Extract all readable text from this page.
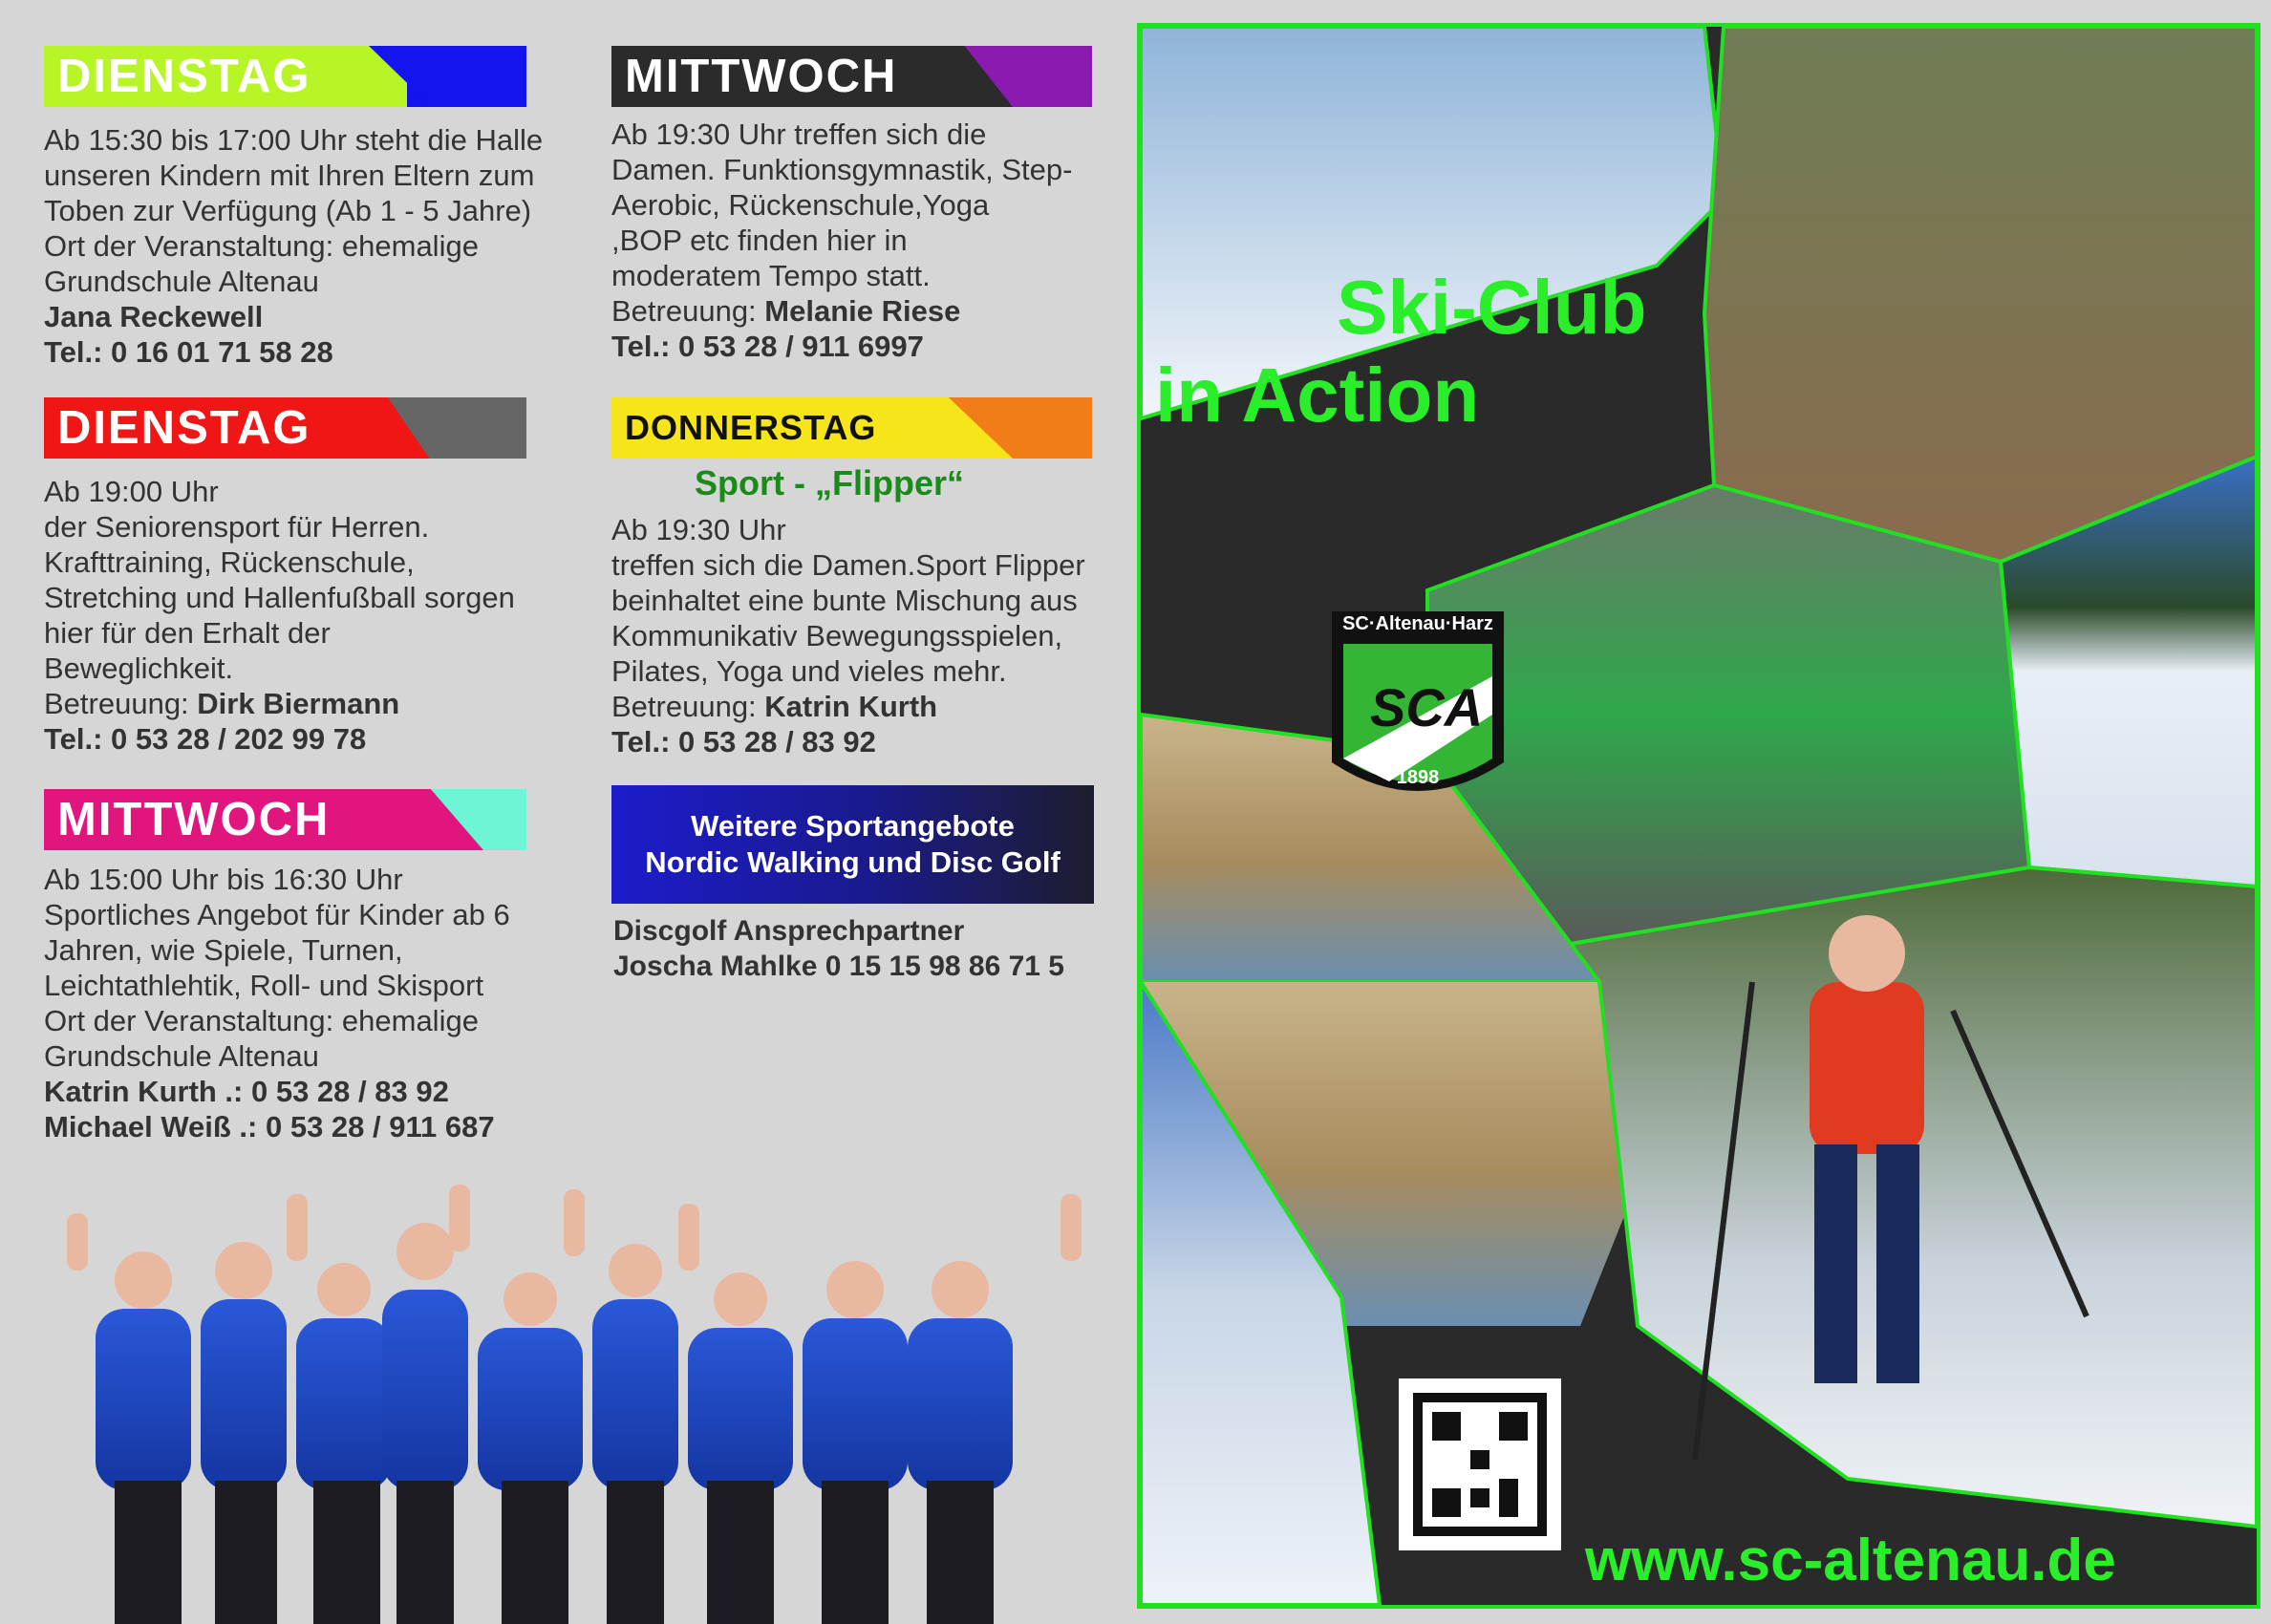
DIENSTAG
Ab 15:30 bis 17:00 Uhr steht die Halle
unseren Kindern mit Ihren Eltern zum
Toben zur Verfügung (Ab 1 - 5 Jahre)
Ort der Veranstaltung: ehemalige
Grundschule Altenau
Jana Reckewell
Tel.: 0 16 01 71 58 28
DIENSTAG
Ab 19:00 Uhr
der Seniorensport für Herren.
Krafttraining, Rückenschule,
Stretching und Hallenfußball sorgen
hier für den Erhalt der
Beweglichkeit.
Betreuung: Dirk Biermann
Tel.: 0 53 28 / 202 99 78
MITTWOCH
Ab 15:00 Uhr bis 16:30 Uhr
Sportliches Angebot für Kinder ab 6
Jahren, wie Spiele, Turnen,
Leichtathlehtik, Roll- und Skisport
Ort der Veranstaltung: ehemalige
Grundschule Altenau
Katrin Kurth .: 0 53 28 / 83 92
Michael Weiß .: 0 53 28 / 911 687
MITTWOCH
Ab 19:30 Uhr treffen sich die
Damen. Funktionsgymnastik, Step-
Aerobic, Rückenschule,Yoga
,BOP etc finden hier in
moderatem Tempo statt.
Betreuung: Melanie Riese
Tel.: 0 53 28 / 911 6997
DONNERSTAG
Sport - „Flipper“
Ab 19:30 Uhr
treffen sich die Damen.Sport Flipper
beinhaltet eine bunte Mischung aus
Kommunikativ Bewegungsspielen,
Pilates, Yoga und vieles mehr.
Betreuung: Katrin Kurth
Tel.: 0 53 28 / 83 92
Weitere Sportangebote
Nordic Walking und Disc Golf
Discgolf Ansprechpartner
Joscha Mahlke 0 15 15 98 86 71 5
Ski-Club
in Action
SC·Altenau·Harz
SCA
1898
www.sc-altenau.de
